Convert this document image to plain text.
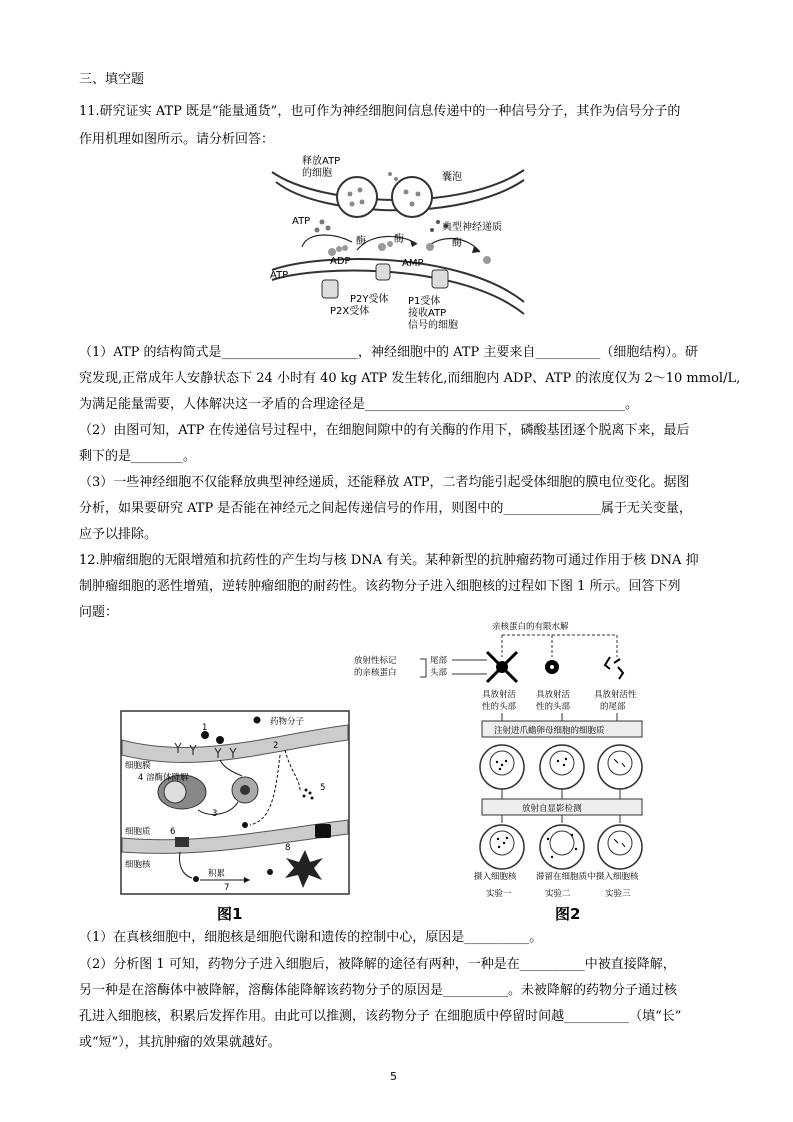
三、填空题
11.研究证实 ATP 既是“能量通货”，也可作为神经细胞间信息传递中的一种信号分子，其作为信号分子的
作用机理如图所示。请分析回答：
释放ATP
的细胞	囊泡
ATP
典型神经递质
酶	酶	酶
ADP	AMP
ATP
P2Y受体
P2X受体
P1受体
接收ATP
信号的细胞
（1）ATP 的结构简式是_____________________，神经细胞中的 ATP 主要来自__________（细胞结构）。研
究发现,正常成年人安静状态下 24 小时有 40 kg ATP 发生转化,而细胞内 ADP、ATP 的浓度仅为 2～10 mmol/L,
为满足能量需要，人体解决这一矛盾的合理途径是________________________________________。
（2）由图可知，ATP 在传递信号过程中，在细胞间隙中的有关酶的作用下，磷酸基团逐个脱离下来，最后
剩下的是________。
（3）一些神经细胞不仅能释放典型神经递质，还能释放 ATP，二者均能引起受体细胞的膜电位变化。据图
分析，如果要研究 ATP 是否能在神经元之间起传递信号的作用，则图中的_______________属于无关变量，
应予以排除。
12.肿瘤细胞的无限增殖和抗药性的产生均与核 DNA 有关。某种新型的抗肿瘤药物可通过作用于核 DNA 抑
制肿瘤细胞的恶性增殖，逆转肿瘤细胞的耐药性。该药物分子进入细胞核的过程如下图 1 所示。回答下列
问题：
药物分子
细胞膜
4 溶酶体降解
细胞质
细胞核
积累
1
2
3
5
6
7
8
图1
亲核蛋白的有限水解
放射性标记
的亲核蛋白
尾部
头部
具放射活
性的头部
具放射活
性的头部
具放射活性
的尾部
注射进爪蟾卵母细胞的细胞质
放射自显影检测
摄入细胞核 滞留在细胞质中 摄入细胞核
实验一	实验二	实验三
图2
（1）在真核细胞中，细胞核是细胞代谢和遗传的控制中心，原因是__________。
（2）分析图 1 可知，药物分子进入细胞后，被降解的途径有两种，一种是在__________中被直接降解，
另一种是在溶酶体中被降解，溶酶体能降解该药物分子的原因是__________。未被降解的药物分子通过核
孔进入细胞核，积累后发挥作用。由此可以推测，该药物分子 在细胞质中停留时间越__________（填“长”
或“短”），其抗肿瘤的效果就越好。
5
